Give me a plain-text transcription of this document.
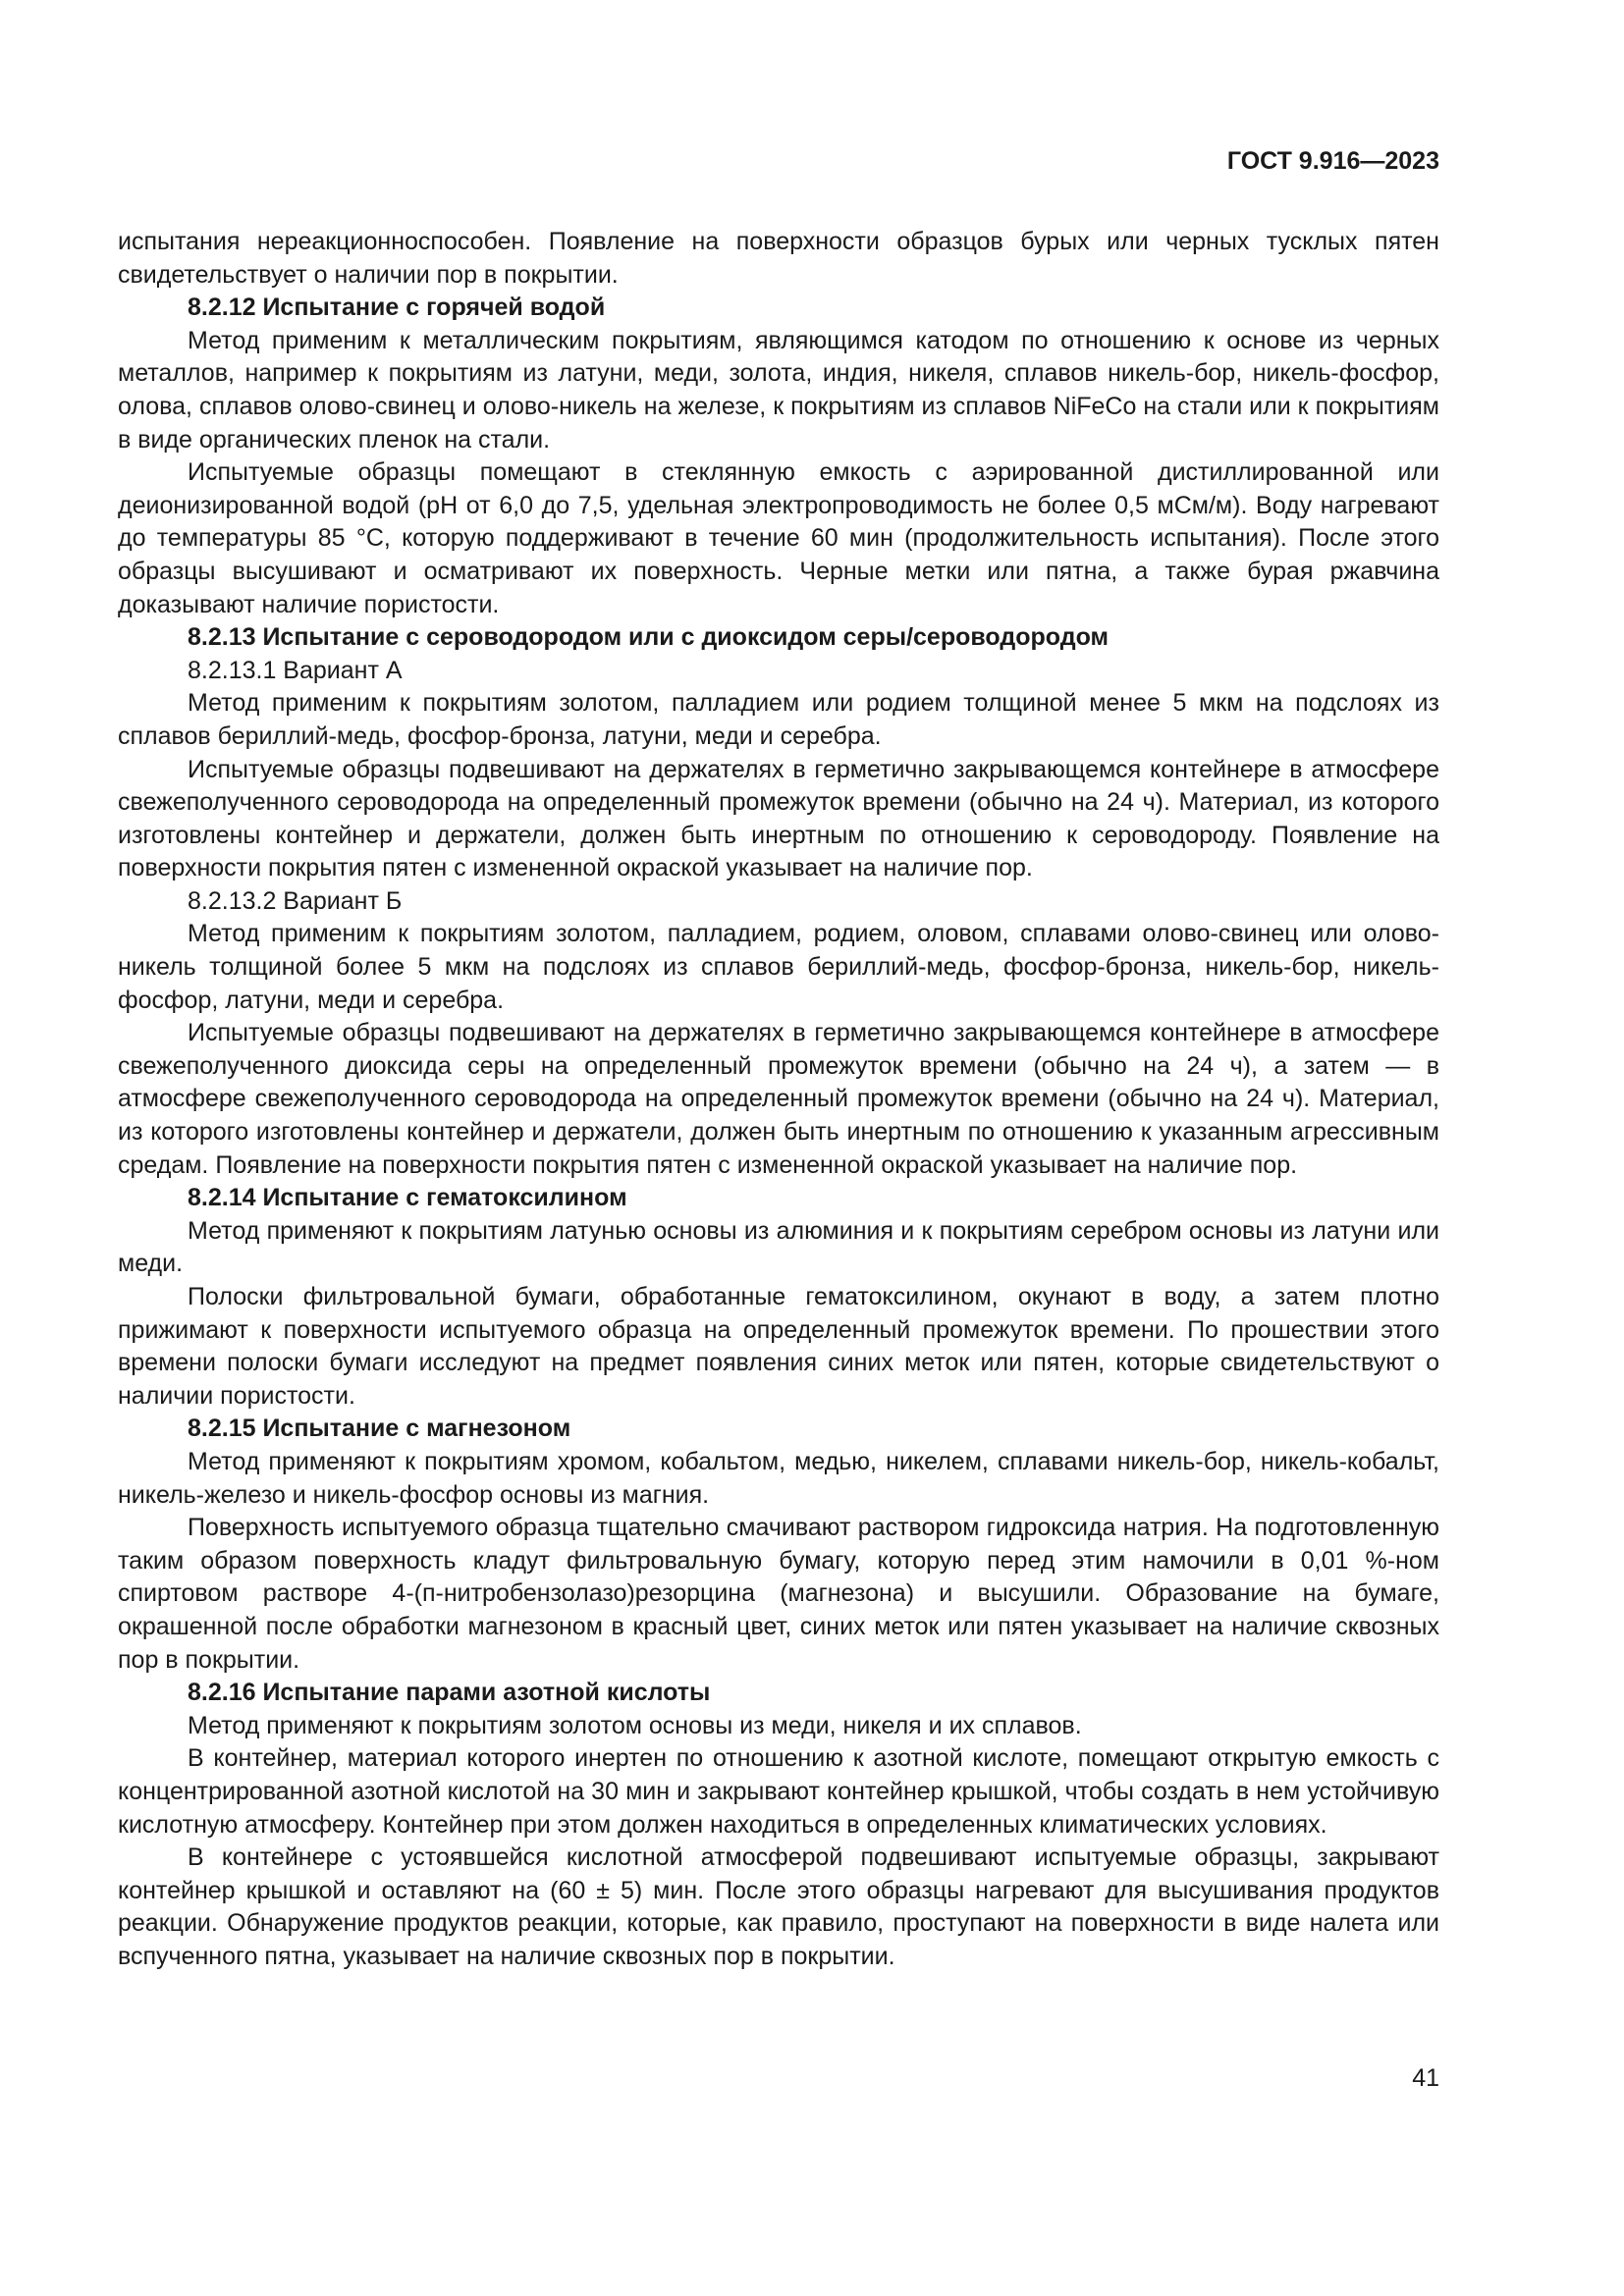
ГОСТ 9.916—2023

испытания нереакционноспособен. Появление на поверхности образцов бурых или черных тусклых пятен свидетельствует о наличии пор в покрытии.

8.2.12 Испытание с горячей водой

Метод применим к металлическим покрытиям, являющимся катодом по отношению к основе из черных металлов, например к покрытиям из латуни, меди, золота, индия, никеля, сплавов никель-бор, никель-фосфор, олова, сплавов олово-свинец и олово-никель на железе, к покрытиям из сплавов NiFeCo на стали или к покрытиям в виде органических пленок на стали.

Испытуемые образцы помещают в стеклянную емкость с аэрированной дистиллированной или деионизированной водой (pH от 6,0 до 7,5, удельная электропроводимость не более 0,5 мСм/м). Воду нагревают до температуры 85 °С, которую поддерживают в течение 60 мин (продолжительность испытания). После этого образцы высушивают и осматривают их поверхность. Черные метки или пятна, а также бурая ржавчина доказывают наличие пористости.

8.2.13 Испытание с сероводородом или с диоксидом серы/сероводородом

8.2.13.1 Вариант А

Метод применим к покрытиям золотом, палладием или родием толщиной менее 5 мкм на подслоях из сплавов бериллий-медь, фосфор-бронза, латуни, меди и серебра.

Испытуемые образцы подвешивают на держателях в герметично закрывающемся контейнере в атмосфере свежеполученного сероводорода на определенный промежуток времени (обычно на 24 ч). Материал, из которого изготовлены контейнер и держатели, должен быть инертным по отношению к сероводороду. Появление на поверхности покрытия пятен с измененной окраской указывает на наличие пор.

8.2.13.2 Вариант Б

Метод применим к покрытиям золотом, палладием, родием, оловом, сплавами олово-свинец или олово-никель толщиной более 5 мкм на подслоях из сплавов бериллий-медь, фосфор-бронза, никель-бор, никель-фосфор, латуни, меди и серебра.

Испытуемые образцы подвешивают на держателях в герметично закрывающемся контейнере в атмосфере свежеполученного диоксида серы на определенный промежуток времени (обычно на 24 ч), а затем — в атмосфере свежеполученного сероводорода на определенный промежуток времени (обычно на 24 ч). Материал, из которого изготовлены контейнер и держатели, должен быть инертным по отношению к указанным агрессивным средам. Появление на поверхности покрытия пятен с измененной окраской указывает на наличие пор.

8.2.14 Испытание с гематоксилином

Метод применяют к покрытиям латунью основы из алюминия и к покрытиям серебром основы из латуни или меди.

Полоски фильтровальной бумаги, обработанные гематоксилином, окунают в воду, а затем плотно прижимают к поверхности испытуемого образца на определенный промежуток времени. По прошествии этого времени полоски бумаги исследуют на предмет появления синих меток или пятен, которые свидетельствуют о наличии пористости.

8.2.15 Испытание с магнезоном

Метод применяют к покрытиям хромом, кобальтом, медью, никелем, сплавами никель-бор, никель-кобальт, никель-железо и никель-фосфор основы из магния.

Поверхность испытуемого образца тщательно смачивают раствором гидроксида натрия. На подготовленную таким образом поверхность кладут фильтровальную бумагу, которую перед этим намочили в 0,01 %-ном спиртовом растворе 4-(п-нитробензолазо)резорцина (магнезона) и высушили. Образование на бумаге, окрашенной после обработки магнезоном в красный цвет, синих меток или пятен указывает на наличие сквозных пор в покрытии.

8.2.16 Испытание парами азотной кислоты

Метод применяют к покрытиям золотом основы из меди, никеля и их сплавов.

В контейнер, материал которого инертен по отношению к азотной кислоте, помещают открытую емкость с концентрированной азотной кислотой на 30 мин и закрывают контейнер крышкой, чтобы создать в нем устойчивую кислотную атмосферу. Контейнер при этом должен находиться в определенных климатических условиях.

В контейнере с устоявшейся кислотной атмосферой подвешивают испытуемые образцы, закрывают контейнер крышкой и оставляют на (60 ± 5) мин. После этого образцы нагревают для высушивания продуктов реакции. Обнаружение продуктов реакции, которые, как правило, проступают на поверхности в виде налета или вспученного пятна, указывает на наличие сквозных пор в покрытии.

41
